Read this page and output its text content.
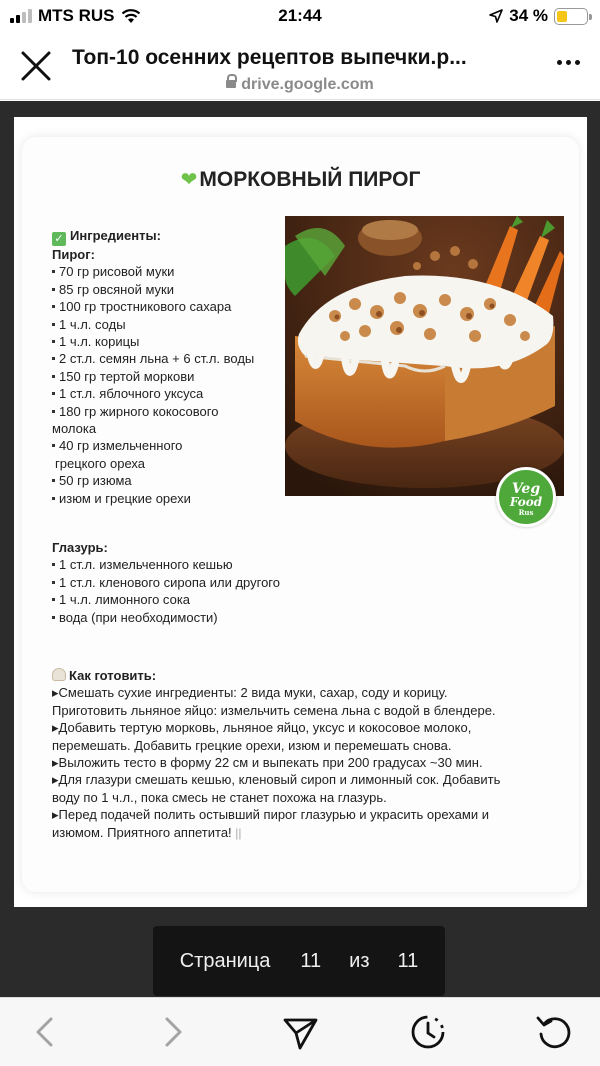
MTS RUS	21:44	34 %
Топ-10 осенних рецептов выпечки.р...
drive.google.com
❤МОРКОВНЫЙ ПИРОГ
✓ Ингредиенты:
Пирог:
70 гр рисовой муки
85 гр овсяной муки
100 гр тростникового сахара
1 ч.л. соды
1 ч.л. корицы
2 ст.л. семян льна + 6 ст.л. воды
150 гр тертой моркови
1 ст.л. яблочного уксуса
180 гр жирного кокосового
молока
40 гр измельченного
грецкого ореха
50 гр изюма
изюм и грецкие орехи
Глазурь:
1 ст.л. измельченного кешью
1 ст.л. кленового сиропа или другого
1 ч.л. лимонного сока
вода (при необходимости)
Как готовить:
▸Смешать сухие ингредиенты: 2 вида муки, сахар, соду и корицу.
Приготовить льняное яйцо: измельчить семена льна с водой в блендере.
▸Добавить тертую морковь, льняное яйцо, уксус и кокосовое молоко,
перемешать. Добавить грецкие орехи, изюм и перемешать снова.
▸Выложить тесто в форму 22 см и выпекать при 200 градусах ~30 мин.
▸Для глазури смешать кешью, кленовый сироп и лимонный сок. Добавить
воду по 1 ч.л., пока смесь не станет похожа на глазурь.
▸Перед подачей полить остывший пирог глазурью и украсить орехами и
изюмом. Приятного аппетита! ||
Veg
Food
Rus
Страница 11 из 11
